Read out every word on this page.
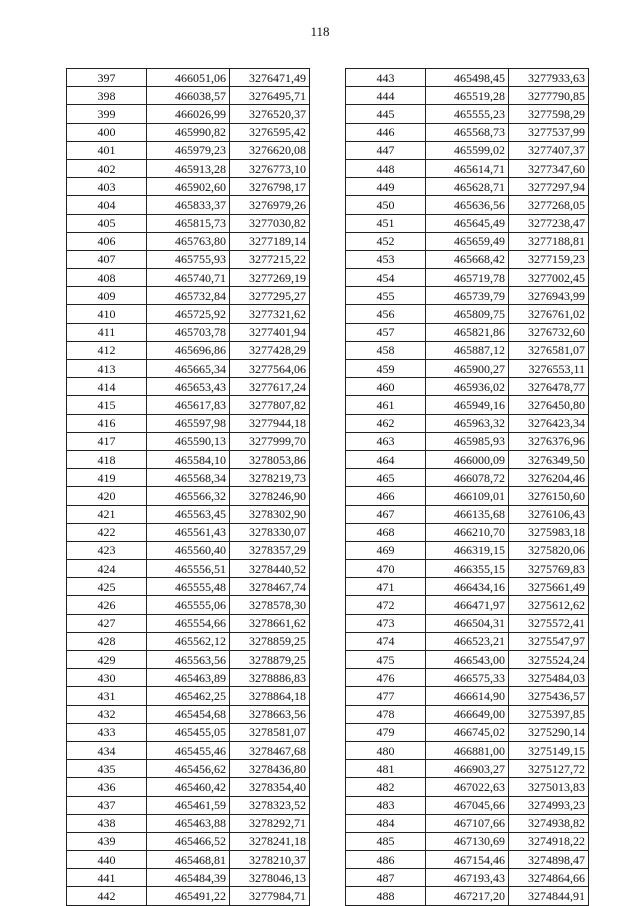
118
397	466051,06	3276471,49
398	466038,57	3276495,71
399	466026,99	3276520,37
400	465990,82	3276595,42
401	465979,23	3276620,08
402	465913,28	3276773,10
403	465902,60	3276798,17
404	465833,37	3276979,26
405	465815,73	3277030,82
406	465763,80	3277189,14
407	465755,93	3277215,22
408	465740,71	3277269,19
409	465732,84	3277295,27
410	465725,92	3277321,62
411	465703,78	3277401,94
412	465696,86	3277428,29
413	465665,34	3277564,06
414	465653,43	3277617,24
415	465617,83	3277807,82
416	465597,98	3277944,18
417	465590,13	3277999,70
418	465584,10	3278053,86
419	465568,34	3278219,73
420	465566,32	3278246,90
421	465563,45	3278302,90
422	465561,43	3278330,07
423	465560,40	3278357,29
424	465556,51	3278440,52
425	465555,48	3278467,74
426	465555,06	3278578,30
427	465554,66	3278661,62
428	465562,12	3278859,25
429	465563,56	3278879,25
430	465463,89	3278886,83
431	465462,25	3278864,18
432	465454,68	3278663,56
433	465455,05	3278581,07
434	465455,46	3278467,68
435	465456,62	3278436,80
436	465460,42	3278354,40
437	465461,59	3278323,52
438	465463,88	3278292,71
439	465466,52	3278241,18
440	465468,81	3278210,37
441	465484,39	3278046,13
442	465491,22	3277984,71
443	465498,45	3277933,63
444	465519,28	3277790,85
445	465555,23	3277598,29
446	465568,73	3277537,99
447	465599,02	3277407,37
448	465614,71	3277347,60
449	465628,71	3277297,94
450	465636,56	3277268,05
451	465645,49	3277238,47
452	465659,49	3277188,81
453	465668,42	3277159,23
454	465719,78	3277002,45
455	465739,79	3276943,99
456	465809,75	3276761,02
457	465821,86	3276732,60
458	465887,12	3276581,07
459	465900,27	3276553,11
460	465936,02	3276478,77
461	465949,16	3276450,80
462	465963,32	3276423,34
463	465985,93	3276376,96
464	466000,09	3276349,50
465	466078,72	3276204,46
466	466109,01	3276150,60
467	466135,68	3276106,43
468	466210,70	3275983,18
469	466319,15	3275820,06
470	466355,15	3275769,83
471	466434,16	3275661,49
472	466471,97	3275612,62
473	466504,31	3275572,41
474	466523,21	3275547,97
475	466543,00	3275524,24
476	466575,33	3275484,03
477	466614,90	3275436,57
478	466649,00	3275397,85
479	466745,02	3275290,14
480	466881,00	3275149,15
481	466903,27	3275127,72
482	467022,63	3275013,83
483	467045,66	3274993,23
484	467107,66	3274938,82
485	467130,69	3274918,22
486	467154,46	3274898,47
487	467193,43	3274864,66
488	467217,20	3274844,91
